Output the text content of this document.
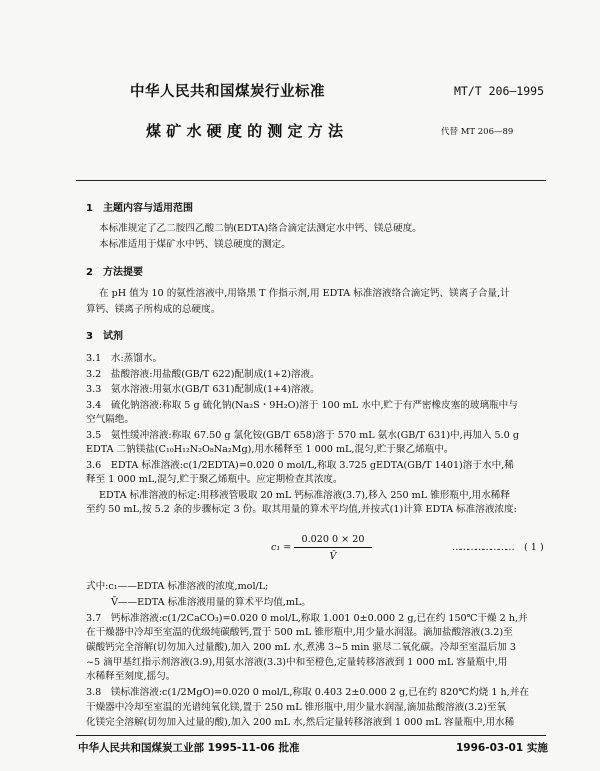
中华人民共和国煤炭行业标准	MT/T 206—1995
煤 矿 水 硬 度 的 测 定 方 法	代替 MT 206—89
1　 主题内容与适用范围
本标准规定了乙二胺四乙酸二钠(EDTA)络合滴定法测定水中钙、镁总硬度。
本标准适用于煤矿水中钙、镁总硬度的测定。
2　 方法提要
在 pH 值为 10 的氨性溶液中,用铬黑 T 作指示剂,用 EDTA 标准溶液络合滴定钙、镁离子合量,计
算钙、镁离子所构成的总硬度。
3　 试剂
3.1　水:蒸馏水。
3.2　盐酸溶液:用盐酸(GB/T 622)配制成(1+2)溶液。
3.3　氨水溶液:用氨水(GB/T 631)配制成(1+4)溶液。
3.4　硫化钠溶液:称取 5 g 硫化钠(Na₂S・9H₂O)溶于 100 mL 水中,贮于有严密橡皮塞的玻璃瓶中与
空气隔绝。
3.5　氨性缓冲溶液:称取 67.50 g 氯化铵(GB/T 658)溶于 570 mL 氨水(GB/T 631)中,再加入 5.0 g
EDTA 二钠镁盐(C₁₀H₁₂N₂O₈Na₂Mg),用水稀释至 1 000 mL,混匀,贮于聚乙烯瓶中。
3.6　EDTA 标准溶液:c(1/2EDTA)=0.020 0 mol/L,称取 3.725 gEDTA(GB/T 1401)溶于水中,稀
释至 1 000 mL,混匀,贮于聚乙烯瓶中。应定期检查其浓度。
EDTA 标准溶液的标定:用移液管吸取 20 mL 钙标准溶液(3.7),移入 250 mL 锥形瓶中,用水稀释
至约 50 mL,按 5.2 条的步骤标定 3 份。取其用量的算术平均值,并按式(1)计算 EDTA 标准溶液浓度:
c₁ =
0.020 0 × 20
V̄
…………………… ( 1 )
式中:c₁——EDTA 标准溶液的浓度,mol/L;
V̄——EDTA 标准溶液用量的算术平均值,mL。
3.7　钙标准溶液:c(1/2CaCO₃)=0.020 0 mol/L,称取 1.001 0±0.000 2 g,已在约 150℃干燥 2 h,并
在干燥器中冷却至室温的优级纯碳酸钙,置于 500 mL 锥形瓶中,用少量水润湿。滴加盐酸溶液(3.2)至
碳酸钙完全溶解(切勿加入过量酸),加入 200 mL 水,煮沸 3~5 min 驱尽二氧化碳。冷却至室温后加 3
~5 滴甲基红指示剂溶液(3.9),用氨水溶液(3.3)中和至橙色,定量转移溶液到 1 000 mL 容量瓶中,用
水稀释至刻度,摇匀。
3.8　镁标准溶液:c(1/2MgO)=0.020 0 mol/L,称取 0.403 2±0.000 2 g,已在约 820℃灼烧 1 h,并在
干燥器中冷却至室温的光谱纯氧化镁,置于 250 mL 锥形瓶中,用少量水润湿,滴加盐酸溶液(3.2)至氧
化镁完全溶解(切勿加入过量的酸),加入 200 mL 水,然后定量转移溶液到 1 000 mL 容量瓶中,用水稀
中华人民共和国煤炭工业部 1995-11-06 批准	1996-03-01 实施
